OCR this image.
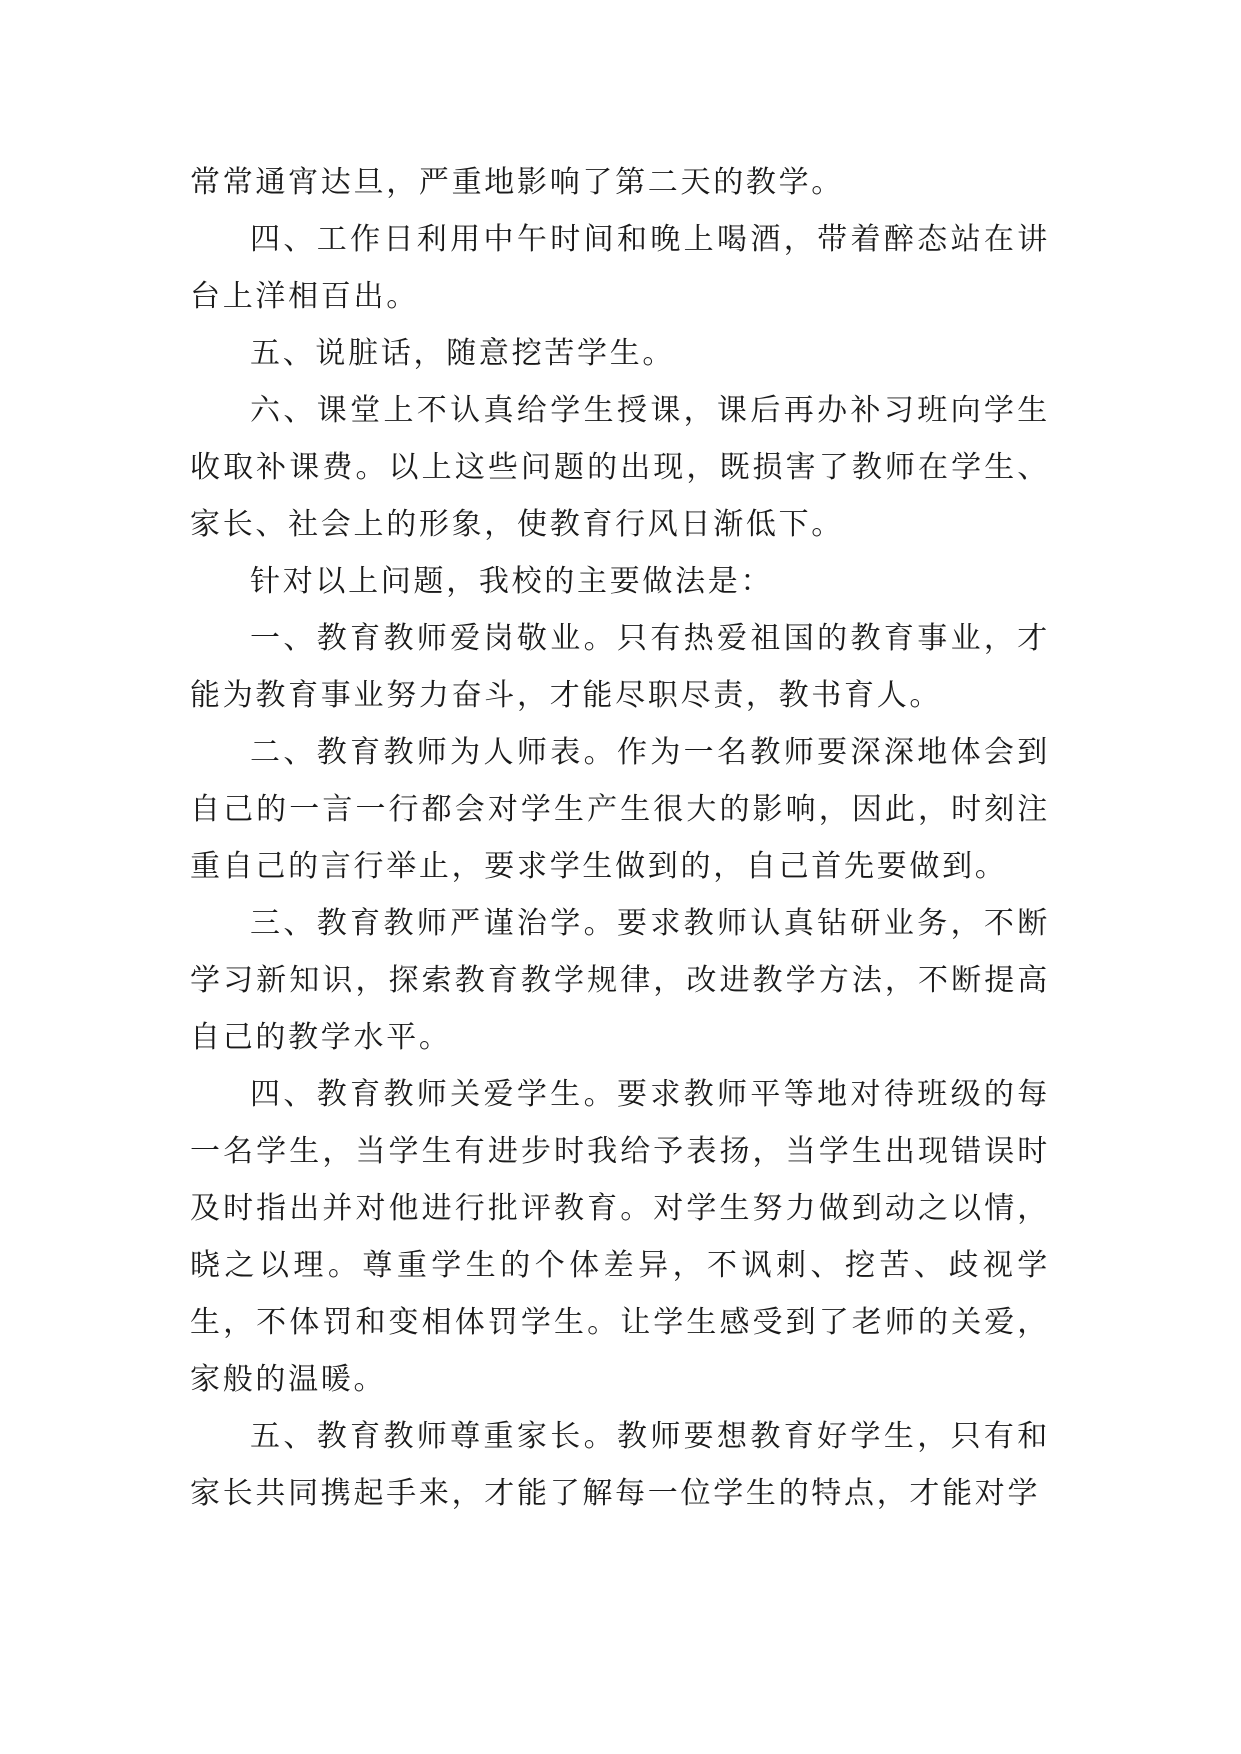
常常通宵达旦，严重地影响了第二天的教学。

四、工作日利用中午时间和晚上喝酒，带着醉态站在讲台上洋相百出。

五、说脏话，随意挖苦学生。

六、课堂上不认真给学生授课，课后再办补习班向学生收取补课费。以上这些问题的出现，既损害了教师在学生、家长、社会上的形象，使教育行风日渐低下。

针对以上问题，我校的主要做法是：

一、教育教师爱岗敬业。只有热爱祖国的教育事业，才能为教育事业努力奋斗，才能尽职尽责，教书育人。

二、教育教师为人师表。作为一名教师要深深地体会到自己的一言一行都会对学生产生很大的影响，因此，时刻注重自己的言行举止，要求学生做到的，自己首先要做到。

三、教育教师严谨治学。要求教师认真钻研业务，不断学习新知识，探索教育教学规律，改进教学方法，不断提高自己的教学水平。

四、教育教师关爱学生。要求教师平等地对待班级的每一名学生，当学生有进步时我给予表扬，当学生出现错误时及时指出并对他进行批评教育。对学生努力做到动之以情，晓之以理。尊重学生的个体差异，不讽刺、挖苦、歧视学生，不体罚和变相体罚学生。让学生感受到了老师的关爱，家般的温暖。

五、教育教师尊重家长。教师要想教育好学生，只有和家长共同携起手来，才能了解每一位学生的特点，才能对学
